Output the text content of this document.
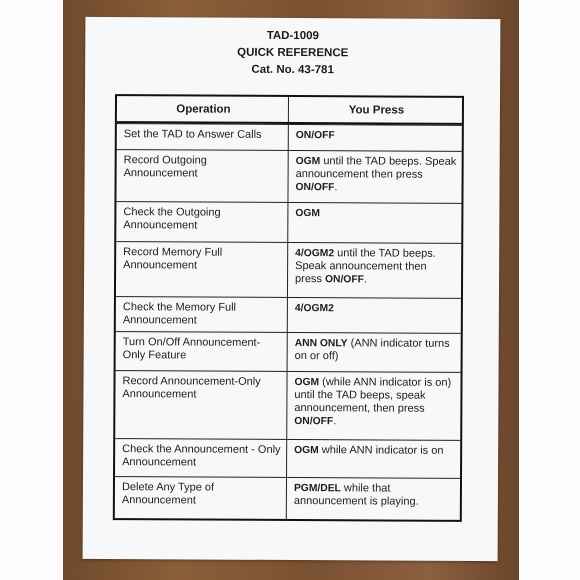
TAD-1009
QUICK REFERENCE
Cat. No. 43-781
Operation	You Press
Set the TAD to Answer Calls	ON/OFF
Record Outgoing Announcement
OGM until the TAD beeps. Speak announcement then press ON/OFF.
Check the Outgoing Announcement
OGM
Record Memory Full Announcement
4/OGM2 until the TAD beeps. Speak announcement then press ON/OFF.
Check the Memory Full Announcement
4/OGM2
Turn On/Off Announcement-Only Feature
ANN ONLY (ANN indicator turns on or off)
Record Announcement-Only Announcement
OGM (while ANN indicator is on) until the TAD beeps, speak announcement, then press ON/OFF.
Check the Announcement - Only Announcement
OGM while ANN indicator is on
Delete Any Type of Announcement
PGM/DEL while that announcement is playing.
